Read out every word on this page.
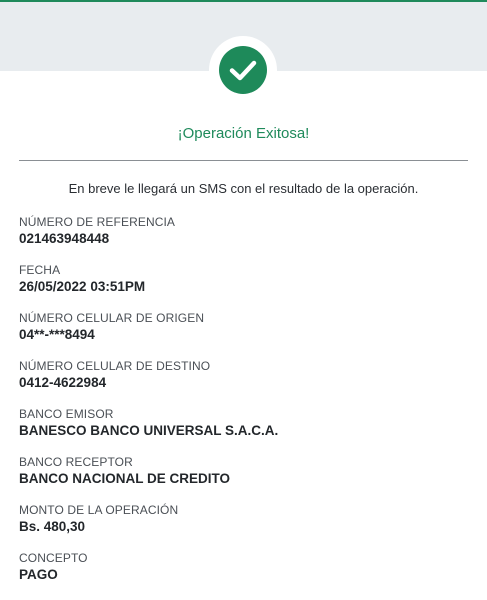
¡Operación Exitosa!
En breve le llegará un SMS con el resultado de la operación.
NÚMERO DE REFERENCIA
021463948448
FECHA
26/05/2022 03:51PM
NÚMERO CELULAR DE ORIGEN
04**-***8494
NÚMERO CELULAR DE DESTINO
0412-4622984
BANCO EMISOR
BANESCO BANCO UNIVERSAL S.A.C.A.
BANCO RECEPTOR
BANCO NACIONAL DE CREDITO
MONTO DE LA OPERACIÓN
Bs. 480,30
CONCEPTO
PAGO
